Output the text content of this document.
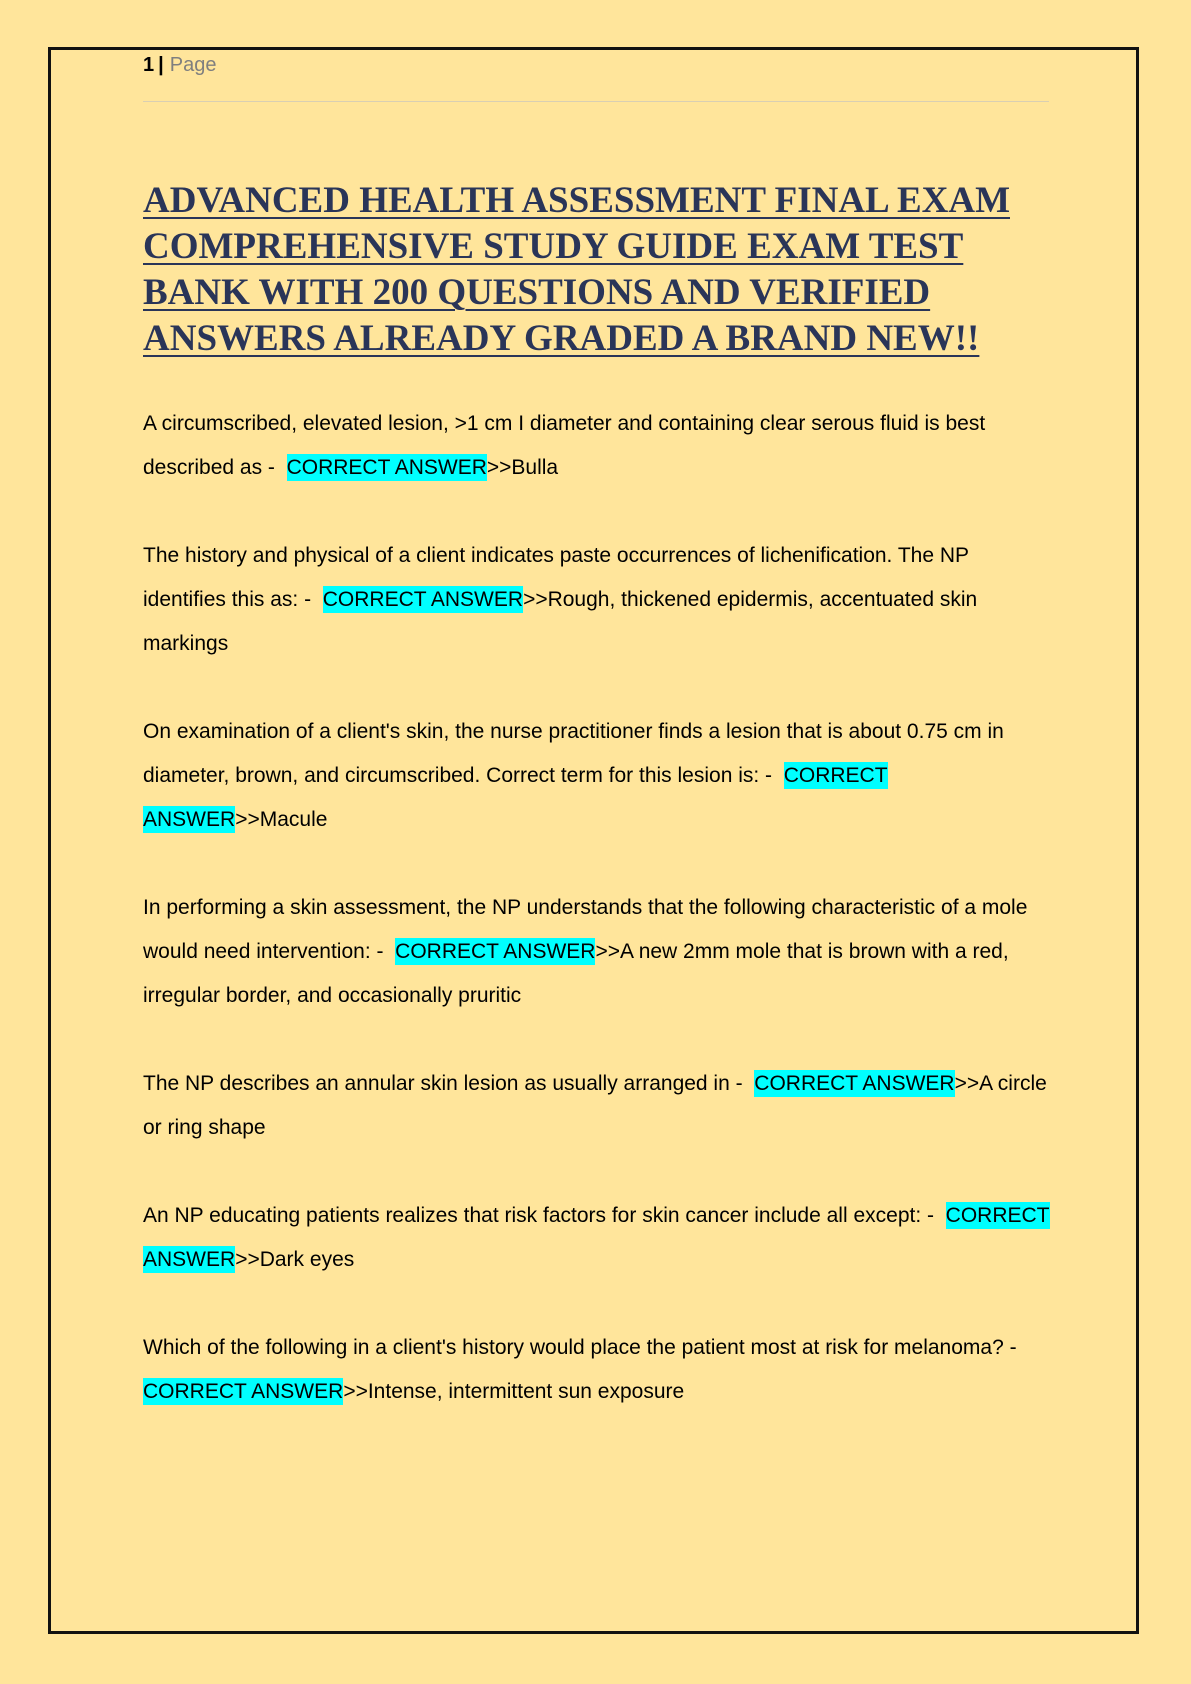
1 | Page
ADVANCED HEALTH ASSESSMENT FINAL EXAM COMPREHENSIVE STUDY GUIDE EXAM TEST BANK WITH 200 QUESTIONS AND VERIFIED ANSWERS ALREADY GRADED A BRAND NEW!!

A circumscribed, elevated lesion, >1 cm I diameter and containing clear serous fluid is best described as - CORRECT ANSWER>>Bulla

The history and physical of a client indicates paste occurrences of lichenification. The NP identifies this as: - CORRECT ANSWER>>Rough, thickened epidermis, accentuated skin markings

On examination of a client's skin, the nurse practitioner finds a lesion that is about 0.75 cm in diameter, brown, and circumscribed. Correct term for this lesion is: - CORRECT ANSWER>>Macule

In performing a skin assessment, the NP understands that the following characteristic of a mole would need intervention: - CORRECT ANSWER>>A new 2mm mole that is brown with a red, irregular border, and occasionally pruritic

The NP describes an annular skin lesion as usually arranged in - CORRECT ANSWER>>A circle or ring shape

An NP educating patients realizes that risk factors for skin cancer include all except: - CORRECT ANSWER>>Dark eyes

Which of the following in a client's history would place the patient most at risk for melanoma? -  CORRECT ANSWER>>Intense, intermittent sun exposure
